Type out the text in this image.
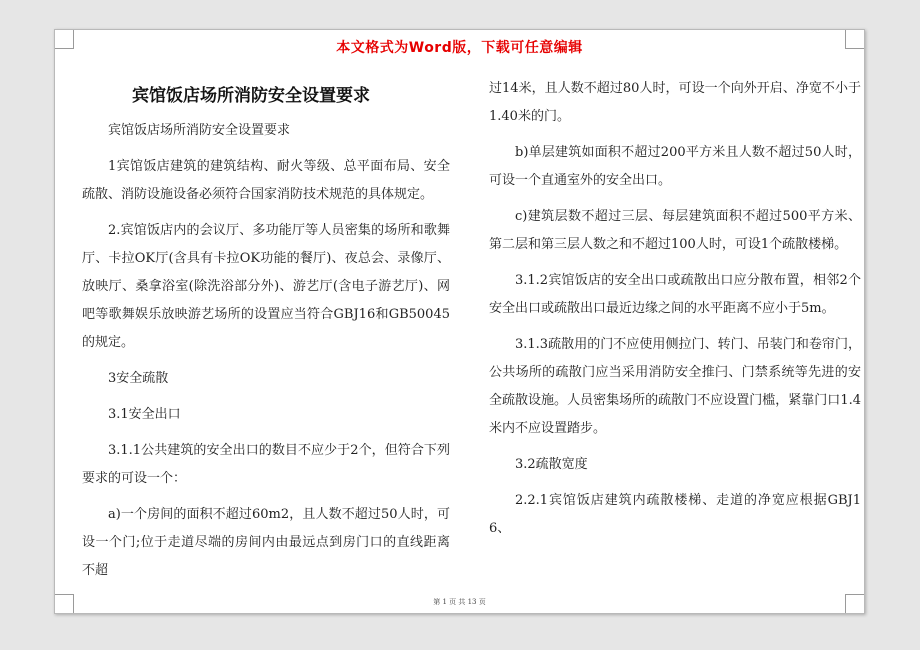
本文格式为Word版，下载可任意编辑
宾馆饭店场所消防安全设置要求

宾馆饭店场所消防安全设置要求

1宾馆饭店建筑的建筑结构、耐火等级、总平面布局、安全疏散、消防设施设备必须符合国家消防技术规范的具体规定。

2.宾馆饭店内的会议厅、多功能厅等人员密集的场所和歌舞厅、卡拉OK厅(含具有卡拉OK功能的餐厅)、夜总会、录像厅、放映厅、桑拿浴室(除洗浴部分外)、游艺厅(含电子游艺厅)、网吧等歌舞娱乐放映游艺场所的设置应当符合GBJ16和GB50045的规定。

3安全疏散

3.1安全出口

3.1.1公共建筑的安全出口的数目不应少于2个，但符合下列要求的可设一个：

a)一个房间的面积不超过60m2，且人数不超过50人时，可设一个门;位于走道尽端的房间内由最远点到房门口的直线距离不超

过14米，且人数不超过80人时，可设一个向外开启、净宽不小于1.40米的门。

b)单层建筑如面积不超过200平方米且人数不超过50人时，可设一个直通室外的安全出口。

c)建筑层数不超过三层、每层建筑面积不超过500平方米、第二层和第三层人数之和不超过100人时，可设1个疏散楼梯。

3.1.2宾馆饭店的安全出口或疏散出口应分散布置，相邻2个安全出口或疏散出口最近边缘之间的水平距离不应小于5m。

3.1.3疏散用的门不应使用侧拉门、转门、吊装门和卷帘门，公共场所的疏散门应当采用消防安全推闩、门禁系统等先进的安全疏散设施。人员密集场所的疏散门不应设置门槛，紧靠门口1.4米内不应设置踏步。

3.2疏散宽度

2.2.1宾馆饭店建筑内疏散楼梯、走道的净宽应根据GBJ16、

第 1 页 共 13 页
